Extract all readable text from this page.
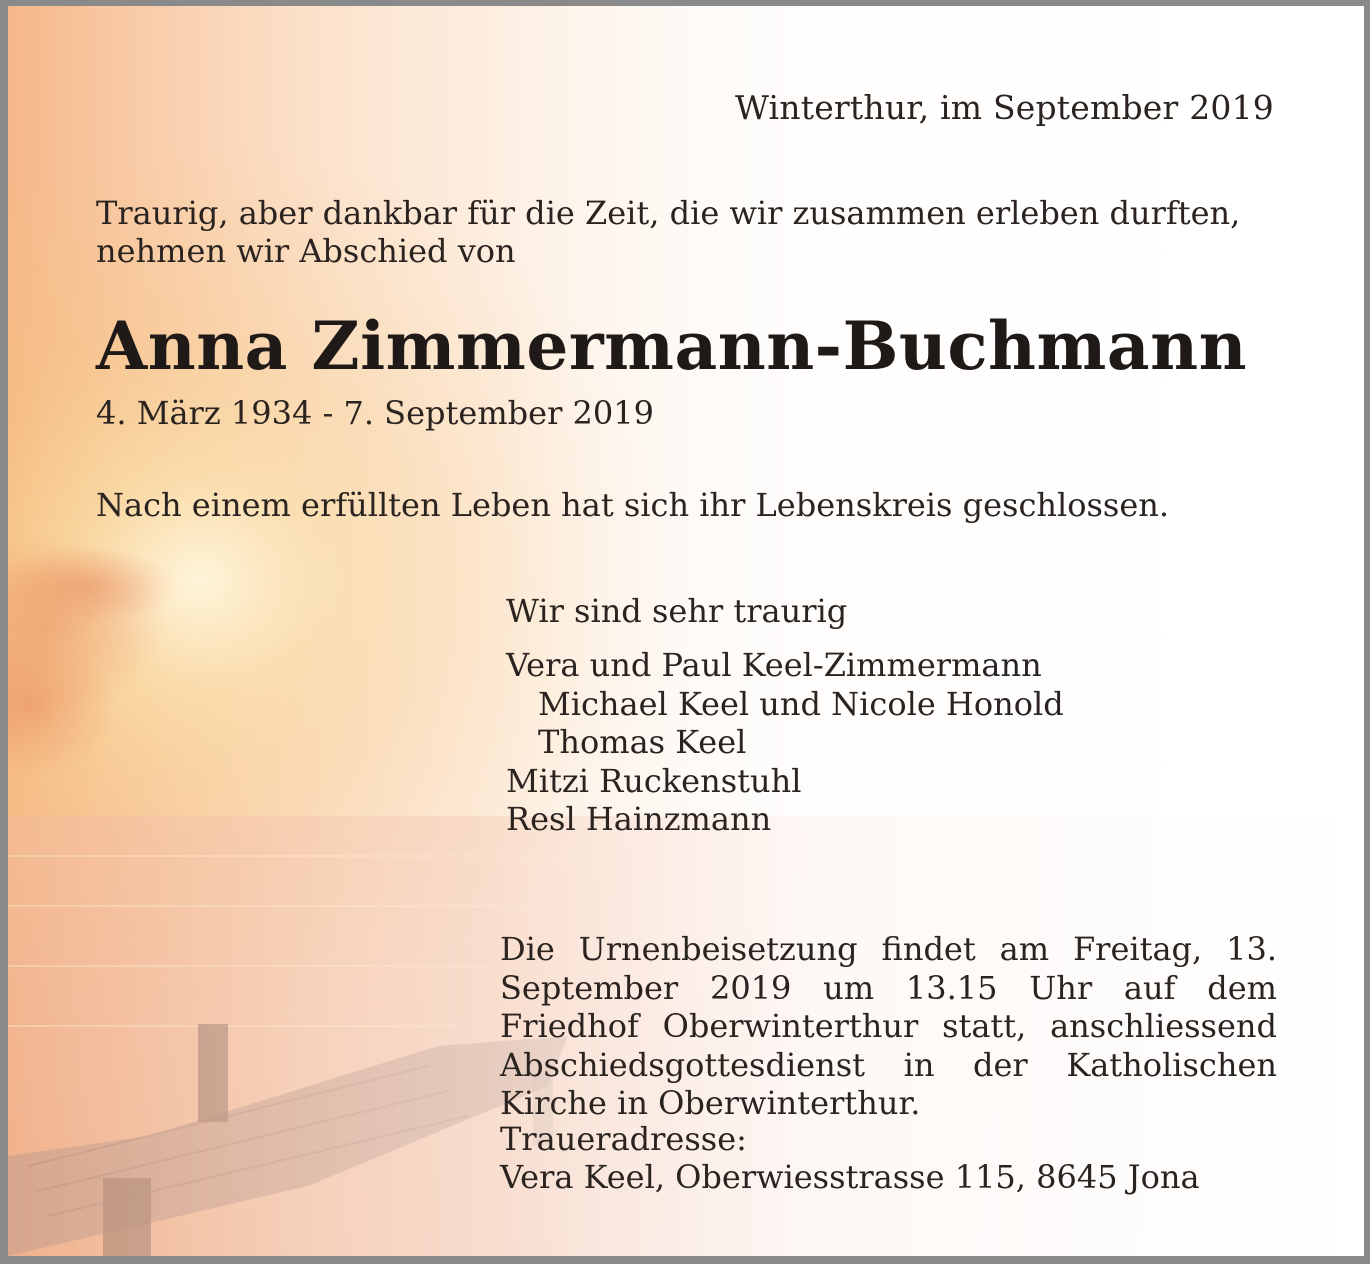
Winterthur, im September 2019

Traurig, aber dankbar für die Zeit, die wir zusammen erleben durften,
nehmen wir Abschied von
Anna Zimmermann-Buchmann

4. März 1934 - 7. September 2019

Nach einem erfüllten Leben hat sich ihr Lebenskreis geschlossen.

Wir sind sehr traurig

Vera und Paul Keel-Zimmermann
Michael Keel und Nicole Honold
Thomas Keel
Mitzi Ruckenstuhl
Resl Hainzmann

Die Urnenbeisetzung findet am Freitag, 13. September 2019 um 13.15 Uhr auf dem Friedhof Oberwinterthur statt, anschliessend Abschiedsgottesdienst in der Katholischen Kirche in Oberwinterthur.

Traueradresse:
Vera Keel, Oberwiesstrasse 115, 8645 Jona
